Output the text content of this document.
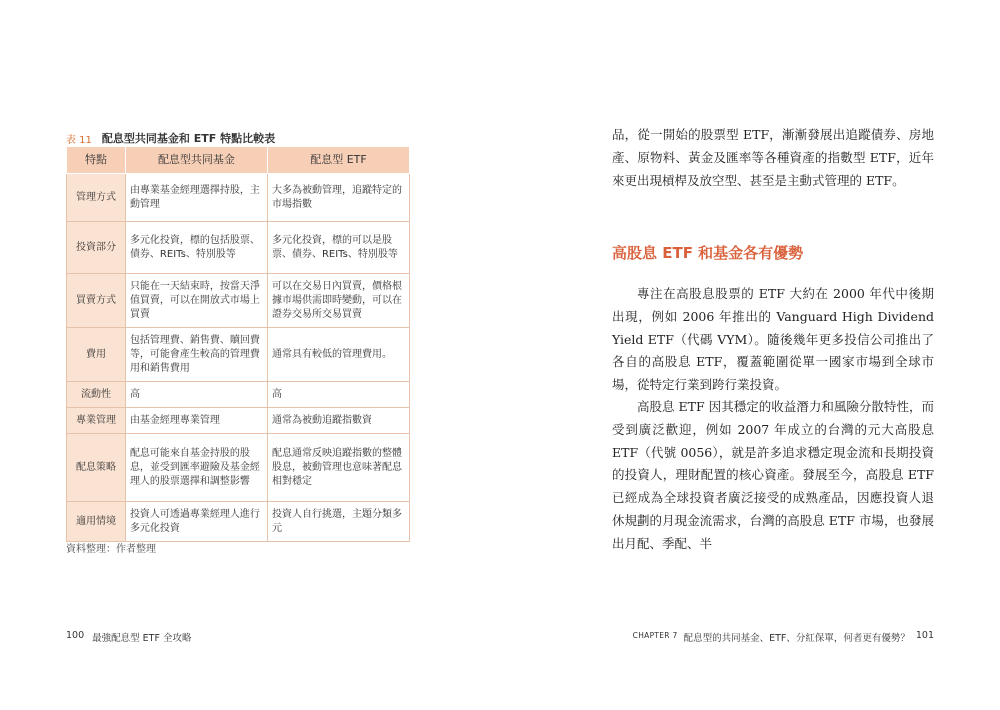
表 11 配息型共同基金和 ETF 特點比較表
特點	配息型共同基金	配息型 ETF
管理方式	由專業基金經理選擇持股，主動管理	大多為被動管理，追蹤特定的市場指數
投資部分	多元化投資，標的包括股票、債券、REITs、特別股等	多元化投資，標的可以是股票、債券、REITs、特別股等
買賣方式	只能在一天結束時，按當天淨值買賣，可以在開放式市場上買賣	可以在交易日內買賣，價格根據市場供需即時變動，可以在證券交易所交易買賣
費用	包括管理費、銷售費、贖回費等，可能會產生較高的管理費用和銷售費用	通常具有較低的管理費用。
流動性	高	高
專業管理	由基金經理專業管理	通常為被動追蹤指數資
配息策略	配息可能來自基金持股的股息，並受到匯率避險及基金經理人的股票選擇和調整影響	配息通常反映追蹤指數的整體股息，被動管理也意味著配息相對穩定
適用情境	投資人可透過專業經理人進行多元化投資	投資人自行挑選，主題分類多元
資料整理：作者整理
100 最強配息型 ETF 全攻略

品，從一開始的股票型 ETF，漸漸發展出追蹤債券、房地產、原物料、黃金及匯率等各種資產的指數型 ETF，近年來更出現槓桿及放空型、甚至是主動式管理的 ETF。

高股息 ETF 和基金各有優勢

專注在高股息股票的 ETF 大約在 2000 年代中後期出現，例如 2006 年推出的 Vanguard High Dividend Yield ETF（代碼 VYM）。隨後幾年更多投信公司推出了各自的高股息 ETF，覆蓋範圍從單一國家市場到全球市場，從特定行業到跨行業投資。

高股息 ETF 因其穩定的收益潛力和風險分散特性，而受到廣泛歡迎，例如 2007 年成立的台灣的元大高股息 ETF（代號 0056），就是許多追求穩定現金流和長期投資的投資人，理財配置的核心資產。發展至今，高股息 ETF 已經成為全球投資者廣泛接受的成熟產品，因應投資人退休規劃的月現金流需求，台灣的高股息 ETF 市場，也發展出月配、季配、半

CHAPTER 7 配息型的共同基金、ETF、分紅保單，何者更有優勢？ 101
